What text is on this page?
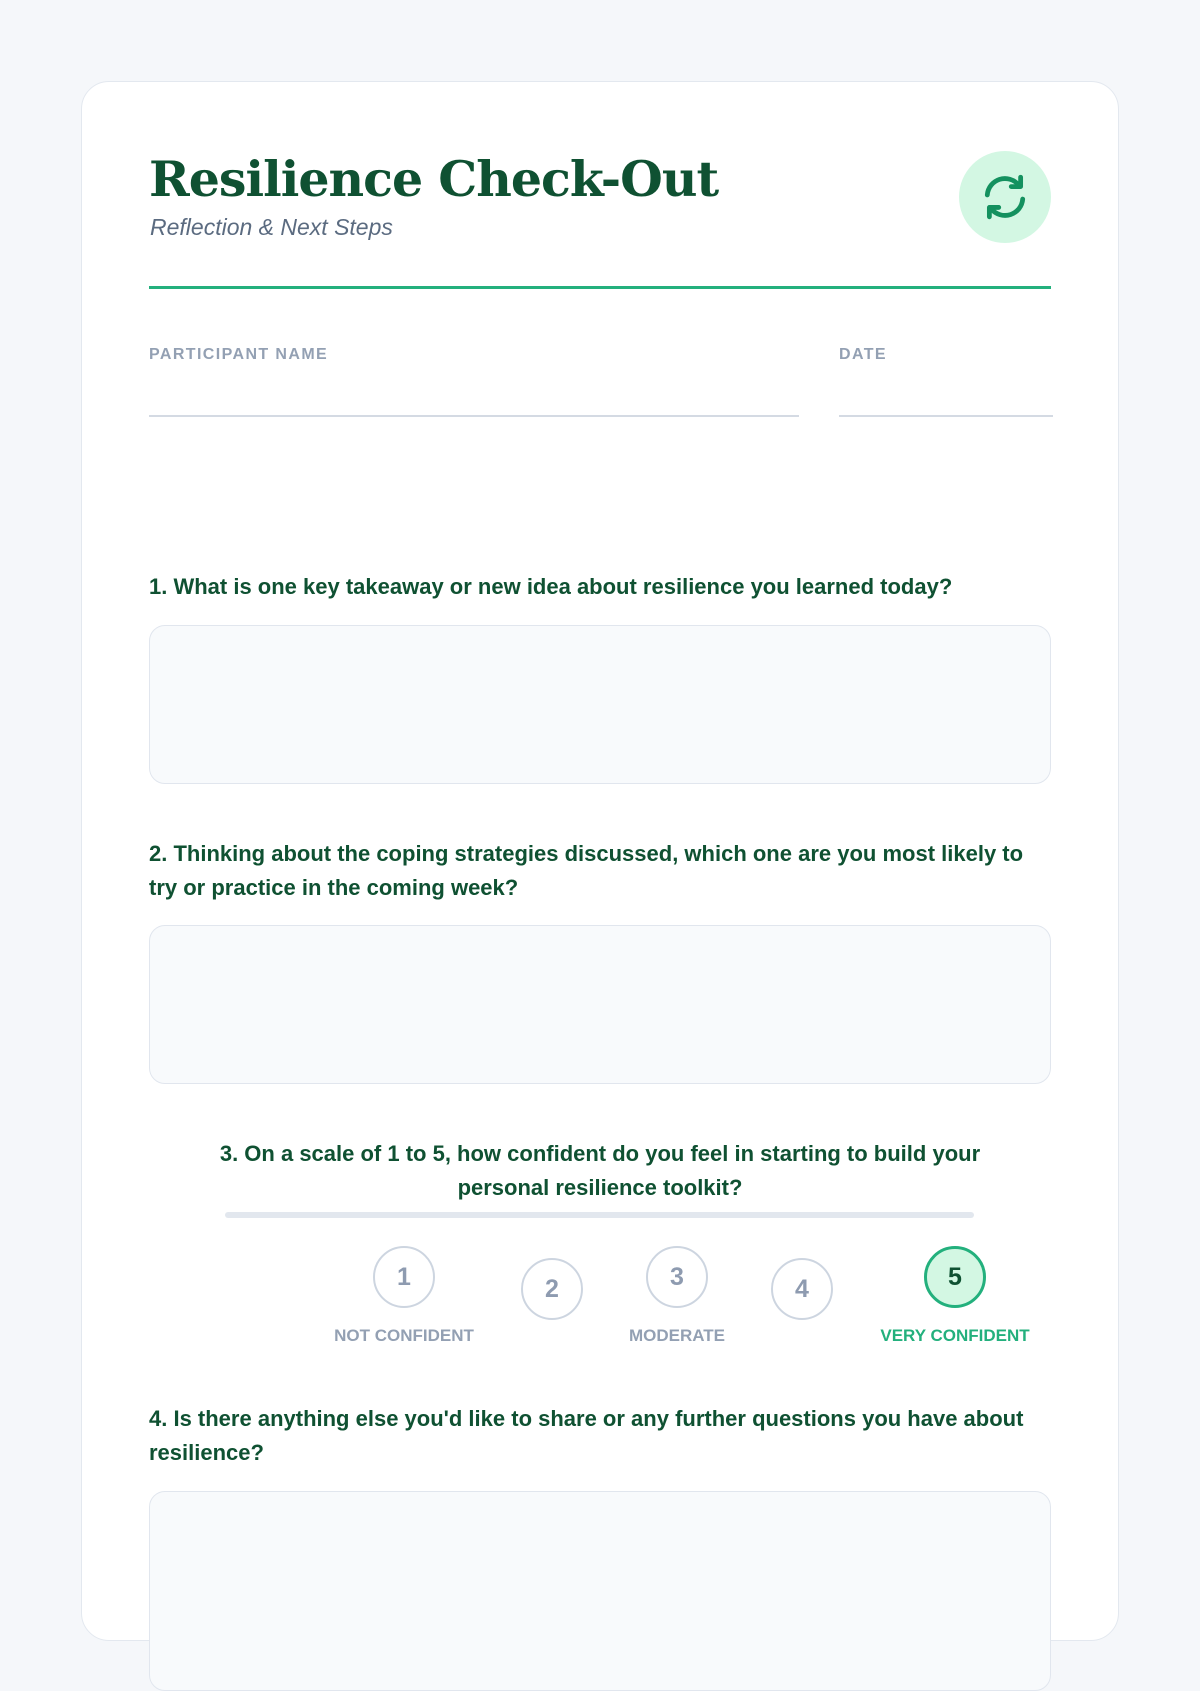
Resilience Check-Out
Reflection & Next Steps
PARTICIPANT NAME	DATE
1. What is one key takeaway or new idea about resilience you learned today?
2. Thinking about the coping strategies discussed, which one are you most likely to try or practice in the coming week?
3. On a scale of 1 to 5, how confident do you feel in starting to build your personal resilience toolkit?
1	2	3	4	5
NOT CONFIDENT	MODERATE	VERY CONFIDENT
4. Is there anything else you'd like to share or any further questions you have about resilience?
